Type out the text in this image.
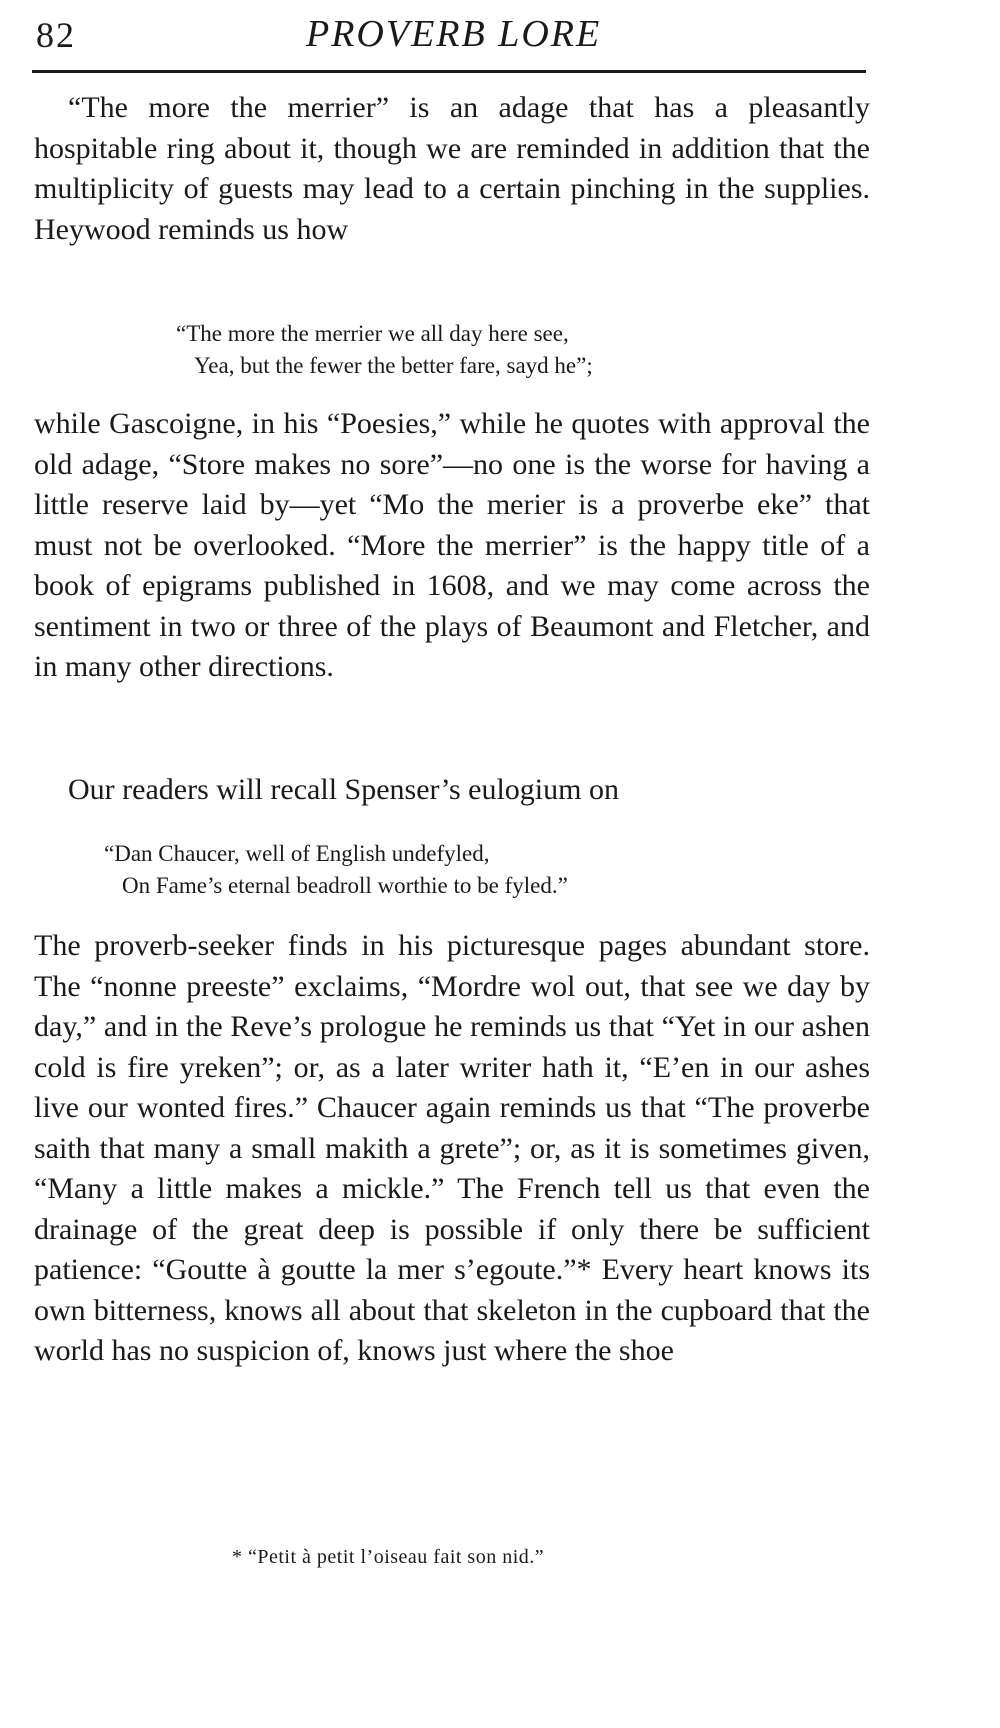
82	PROVERB LORE

“The more the merrier” is an adage that has a pleasantly hospitable ring about it, though we are reminded in addition that the multiplicity of guests may lead to a certain pinching in the supplies. Heywood reminds us how

“The more the merrier we all day here see,
Yea, but the fewer the better fare, sayd he”;

while Gascoigne, in his “Poesies,” while he quotes with approval the old adage, “Store makes no sore”—no one is the worse for having a little reserve laid by—yet “Mo the merier is a proverbe eke” that must not be overlooked. “More the merrier” is the happy title of a book of epigrams published in 1608, and we may come across the sentiment in two or three of the plays of Beaumont and Fletcher, and in many other directions.

Our readers will recall Spenser’s eulogium on

“Dan Chaucer, well of English undefyled,
On Fame’s eternal beadroll worthie to be fyled.”

The proverb-seeker finds in his picturesque pages abundant store. The “nonne preeste” exclaims, “Mordre wol out, that see we day by day,” and in the Reve’s prologue he reminds us that “Yet in our ashen cold is fire yreken”; or, as a later writer hath it, “E’en in our ashes live our wonted fires.” Chaucer again reminds us that “The proverbe saith that many a small makith a grete”; or, as it is sometimes given, “Many a little makes a mickle.” The French tell us that even the drainage of the great deep is possible if only there be sufficient patience: “Goutte à goutte la mer s’egoute.”* Every heart knows its own bitterness, knows all about that skeleton in the cupboard that the world has no suspicion of, knows just where the shoe

* “Petit à petit l’oiseau fait son nid.”
